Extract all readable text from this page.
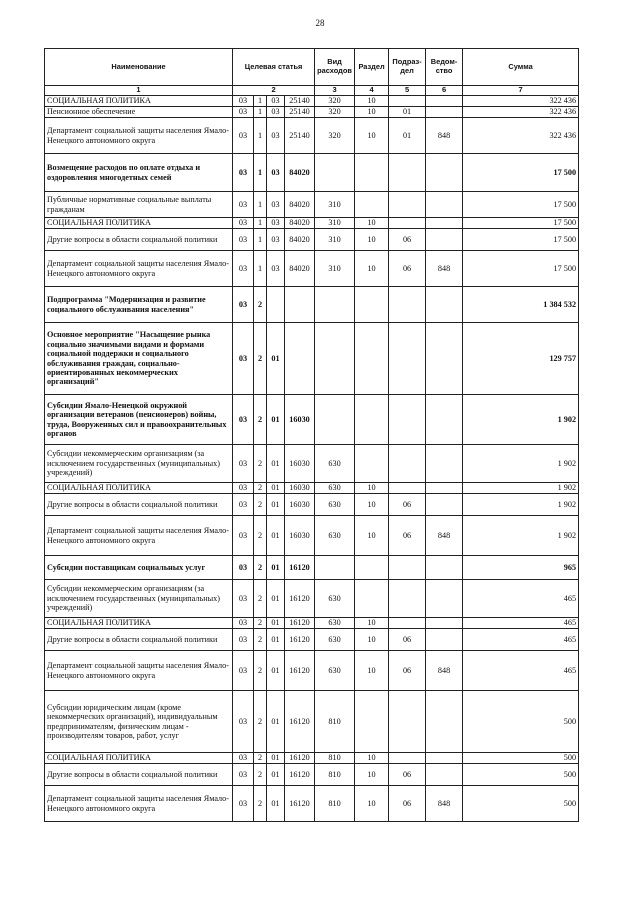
28
Наименование	Целевая статья				Вид расходов	Раздел	Подраз-дел	Ведом-ство	Сумма
1	2				3	4	5	6	7
СОЦИАЛЬНАЯ ПОЛИТИКА	03	1	03	25140	320	10			322 436
Пенсионное обеспечение	03	1	03	25140	320	10	01		322 436
Департамент социальной защиты населения Ямало-Ненецкого автономного округа	03	1	03	25140	320	10	01	848	322 436
Возмещение расходов по оплате отдыха и оздоровления многодетных семей	03	1	03	84020					17 500
Публичные нормативные социальные выплаты гражданам	03	1	03	84020	310				17 500
СОЦИАЛЬНАЯ ПОЛИТИКА	03	1	03	84020	310	10			17 500
Другие вопросы в области социальной политики	03	1	03	84020	310	10	06		17 500
Департамент социальной защиты населения Ямало-Ненецкого автономного округа	03	1	03	84020	310	10	06	848	17 500
Подпрограмма "Модернизация и развитие социального обслуживания населения"	03	2							1 384 532
Основное мероприятие "Насыщение рынка социально значимыми видами и формами социальной поддержки и социального обслуживания граждан, социально-ориентированных некоммерческих организаций"	03	2	01						129 757
Субсидии Ямало-Ненецкой окружной организации ветеранов (пенсионеров) войны, труда, Вооруженных сил и правоохранительных органов	03	2	01	16030					1 902
Субсидии некоммерческим организациям (за исключением государственных (муниципальных) учреждений)	03	2	01	16030	630				1 902
СОЦИАЛЬНАЯ ПОЛИТИКА	03	2	01	16030	630	10			1 902
Другие вопросы в области социальной политики	03	2	01	16030	630	10	06		1 902
Департамент социальной защиты населения Ямало-Ненецкого автономного округа	03	2	01	16030	630	10	06	848	1 902
Субсидии поставщикам социальных услуг	03	2	01	16120					965
Субсидии некоммерческим организациям (за исключением государственных (муниципальных) учреждений)	03	2	01	16120	630				465
СОЦИАЛЬНАЯ ПОЛИТИКА	03	2	01	16120	630	10			465
Другие вопросы в области социальной политики	03	2	01	16120	630	10	06		465
Департамент социальной защиты населения Ямало-Ненецкого автономного округа	03	2	01	16120	630	10	06	848	465
Субсидии юридическим лицам (кроме некоммерческих организаций), индивидуальным предпринимателям, физическим лицам - производителям товаров, работ, услуг	03	2	01	16120	810				500
СОЦИАЛЬНАЯ ПОЛИТИКА	03	2	01	16120	810	10			500
Другие вопросы в области социальной политики	03	2	01	16120	810	10	06		500
Департамент социальной защиты населения Ямало-Ненецкого автономного округа	03	2	01	16120	810	10	06	848	500
